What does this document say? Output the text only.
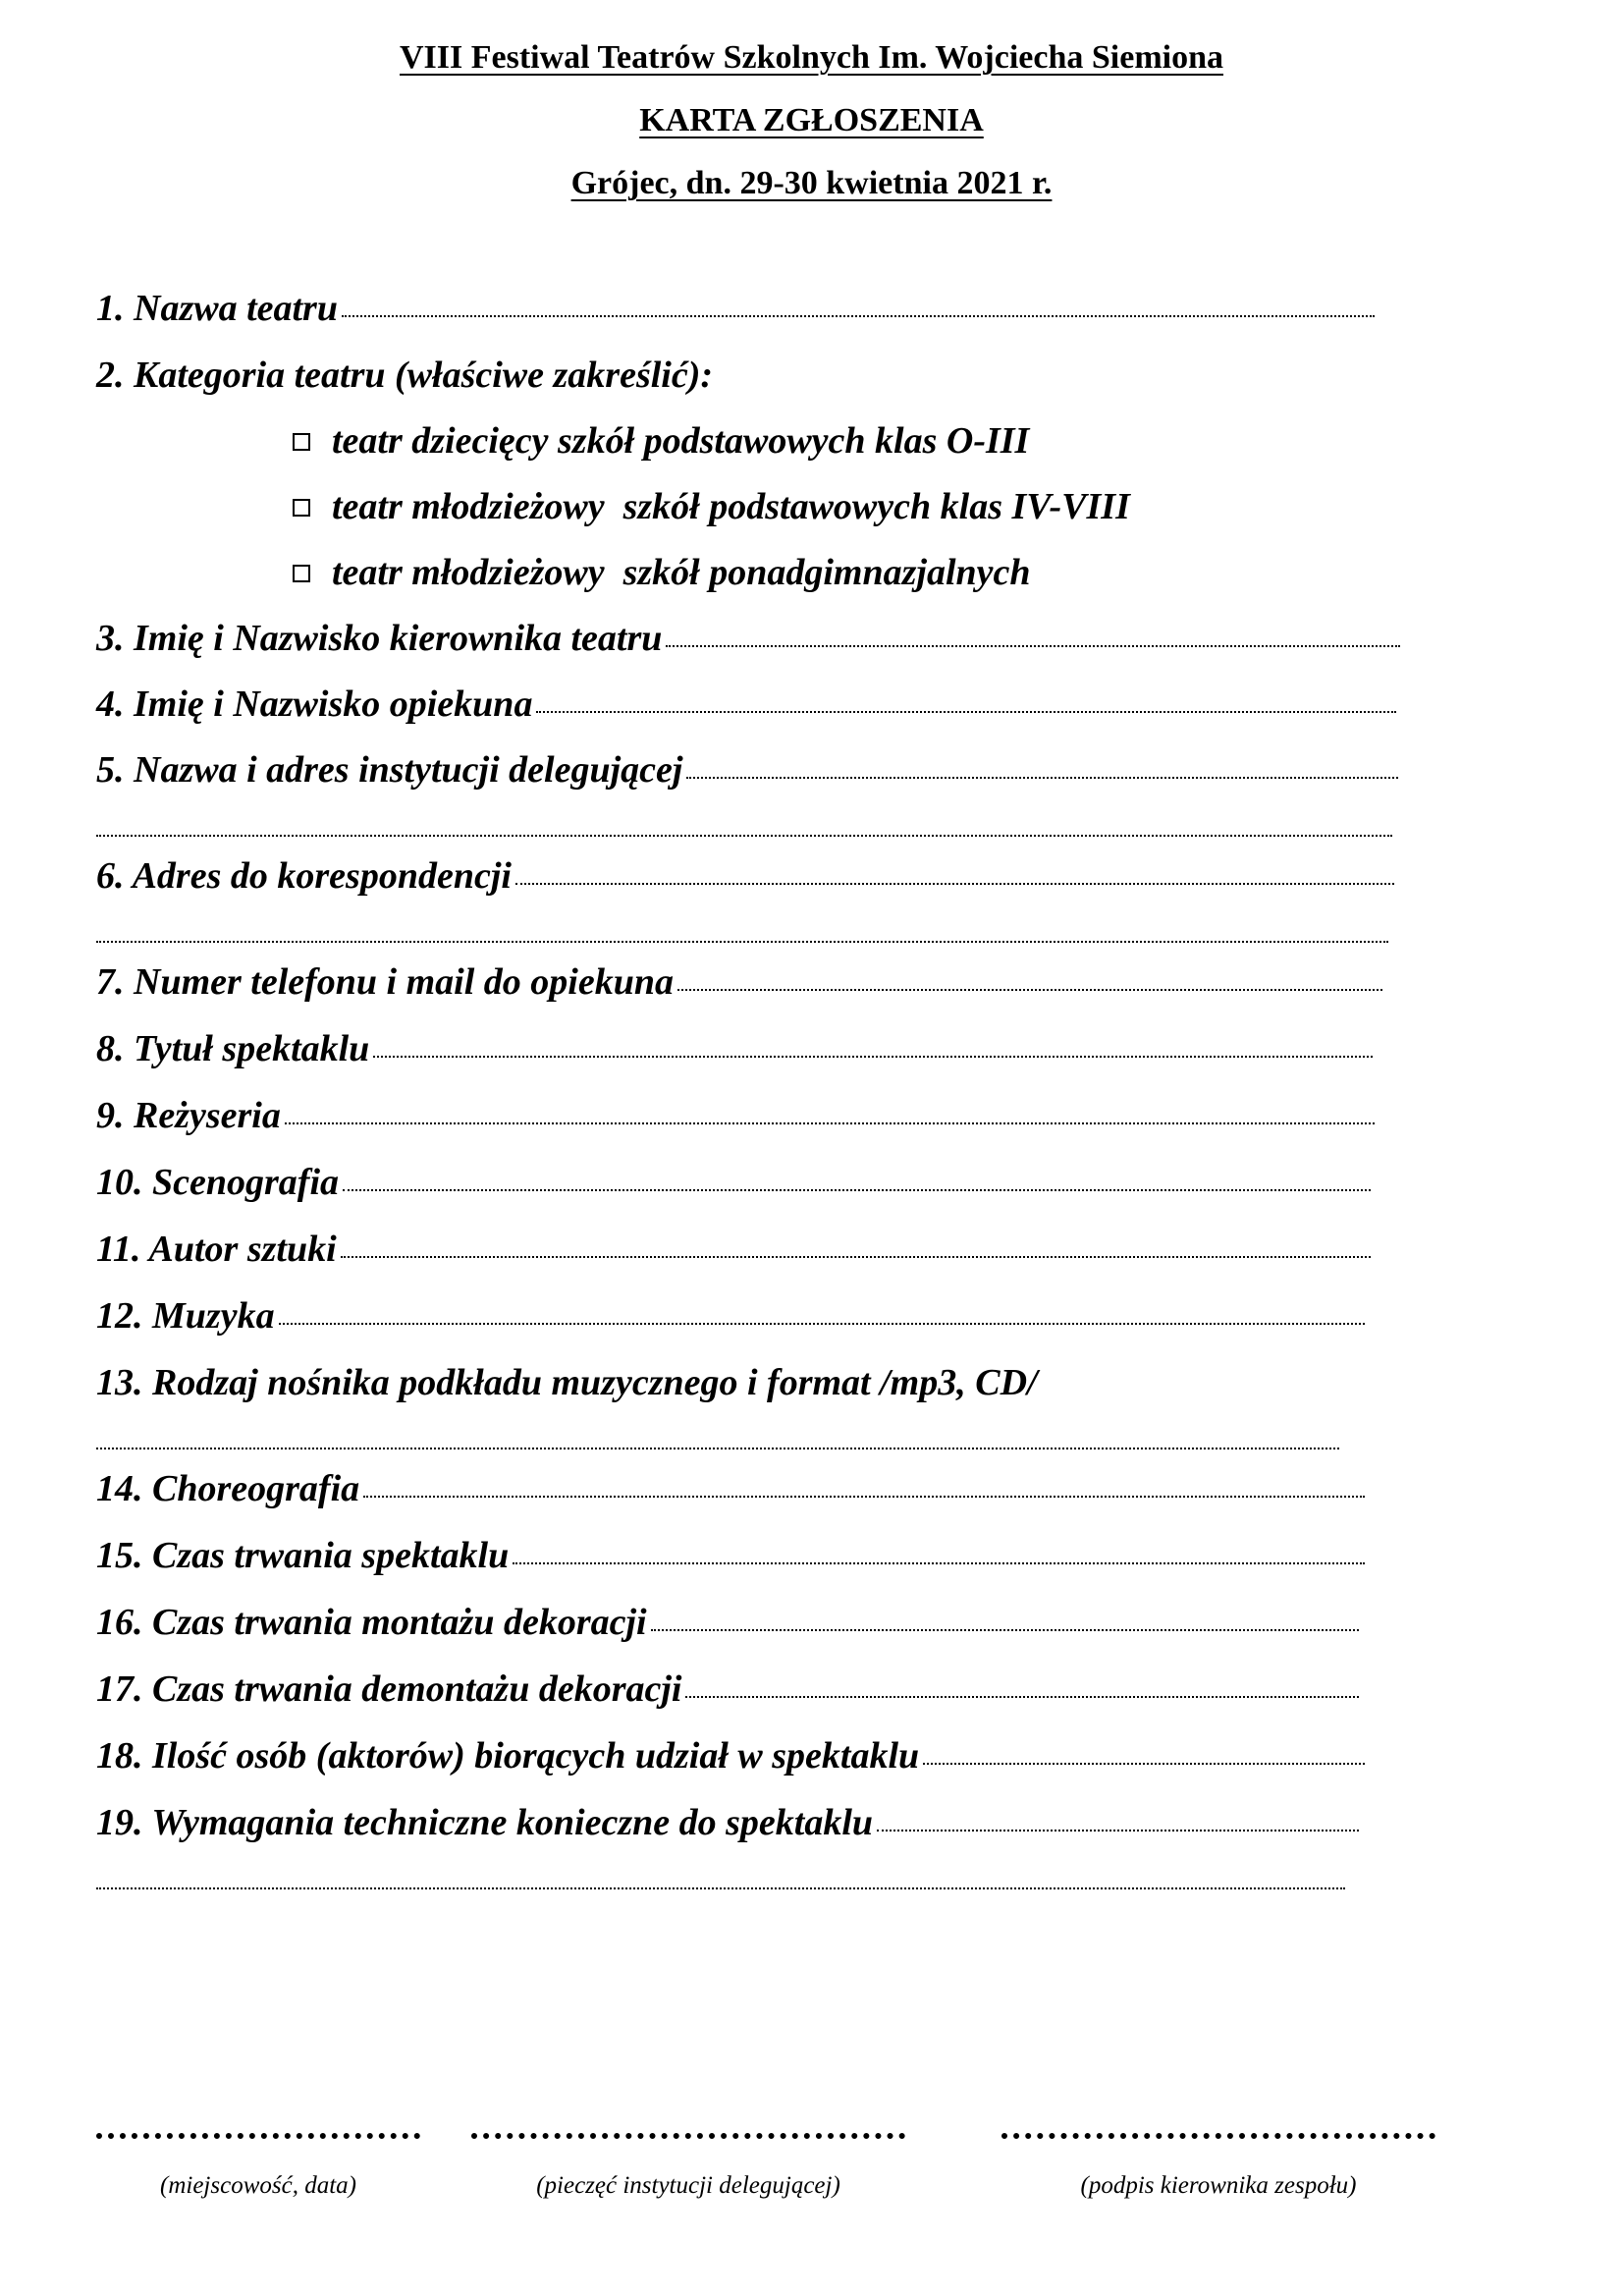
VIII Festiwal Teatrów Szkolnych Im. Wojciecha Siemiona
KARTA ZGŁOSZENIA
Grójec, dn. 29-30 kwietnia 2021 r.
1. Nazwa teatru
2. Kategoria teatru (właściwe zakreślić):
teatr dziecięcy szkół podstawowych klas O-III
teatr młodzieżowy  szkół podstawowych klas IV-VIII
teatr młodzieżowy  szkół ponadgimnazjalnych
3. Imię i Nazwisko kierownika teatru
4. Imię i Nazwisko opiekuna
5. Nazwa i adres instytucji delegującej
6. Adres do korespondencji
7. Numer telefonu i mail do opiekuna
8. Tytuł spektaklu
9. Reżyseria
10. Scenografia
11. Autor sztuki
12. Muzyka
13. Rodzaj nośnika podkładu muzycznego i format /mp3, CD/
14. Choreografia
15. Czas trwania spektaklu
16. Czas trwania montażu dekoracji
17. Czas trwania demontażu dekoracji
18. Ilość osób (aktorów) biorących udział w spektaklu
19. Wymagania techniczne konieczne do spektaklu
(miejscowość, data)	(pieczęć instytucji delegującej)	(podpis kierownika zespołu)
